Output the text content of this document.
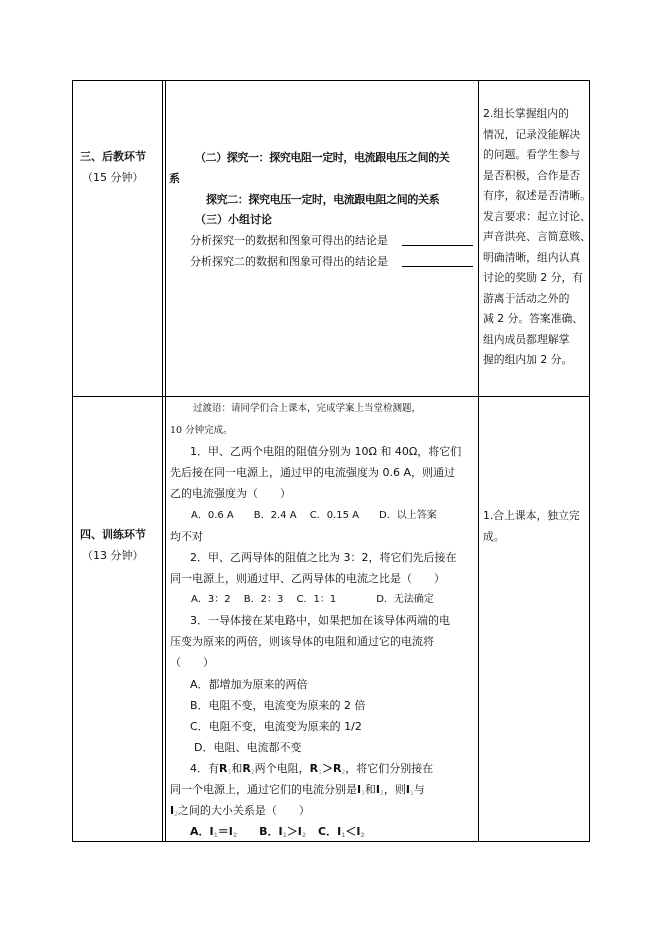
三、后教环节
（15 分钟）
（二）探究一：探究电阻一定时，电流跟电压之间的关
系
探究二：探究电压一定时，电流跟电阻之间的关系
（三）小组讨论
分析探究一的数据和图象可得出的结论是
分析探究二的数据和图象可得出的结论是
2.组长掌握组内的
情况，记录没能解决
的问题。看学生参与
是否积极，合作是否
有序，叙述是否清晰。
发言要求：起立讨论、
声音洪亮、言简意赅、
明确清晰，组内认真
讨论的奖励 2 分，有
游离于活动之外的
减 2 分。答案准确、
组内成员都理解掌
握的组内加 2 分。
四、训练环节
（13 分钟）
过渡语：请同学们合上课本，完成学案上当堂检测题，
10 分钟完成。
1．甲、乙两个电阻的阻值分别为 10Ω 和 40Ω，将它们
先后接在同一电源上，通过甲的电流强度为 0.6 A，则通过
乙的电流强度为（　　）
A．0.6 A　　B．2.4 A　 C．0.15 A　　D．以上答案
均不对
2．甲、乙两导体的阻值之比为 3：2，将它们先后接在
同一电源上，则通过甲、乙两导体的电流之比是（　　）
A．3：2　 B．2：3　 C．1：1　　　　D．无法确定
3．一导体接在某电路中，如果把加在该导体两端的电
压变为原来的两倍，则该导体的电阻和通过它的电流将
（　　）
A．都增加为原来的两倍
B．电阻不变，电流变为原来的 2 倍
C．电阻不变，电流变为原来的 1/2
D．电阻、电流都不变
4．有$R_1$和$R_2$两个电阻，$R_1>R_2$，将它们分别接在
同一个电源上，通过它们的电流分别是$I_1$和$I_2$，则$I_1$与
$I_2$之间的大小关系是（　　）
A．$I_1=I_2$ B．$I_1>I_2$ C．$I_1<I_2$
1.合上课本，独立完
成。
